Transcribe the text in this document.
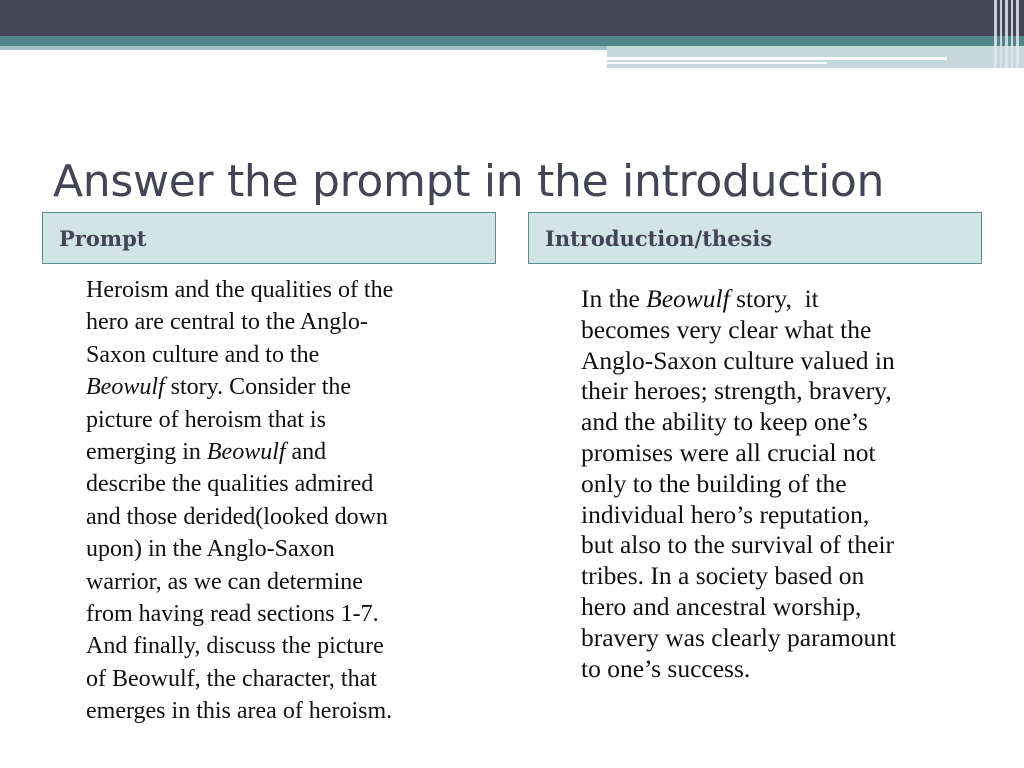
Answer the prompt in the introduction
Prompt	Introduction/thesis
Heroism and the qualities of the
hero are central to the Anglo-
Saxon culture and to the
Beowulf story. Consider the
picture of heroism that is
emerging in Beowulf and
describe the qualities admired
and those derided(looked down
upon) in the Anglo-Saxon
warrior, as we can determine
from having read sections 1-7.
And finally, discuss the picture
of Beowulf, the character, that
emerges in this area of heroism.
In the Beowulf story,  it
becomes very clear what the
Anglo-Saxon culture valued in
their heroes; strength, bravery,
and the ability to keep one’s
promises were all crucial not
only to the building of the
individual hero’s reputation,
but also to the survival of their
tribes. In a society based on
hero and ancestral worship,
bravery was clearly paramount
to one’s success.
